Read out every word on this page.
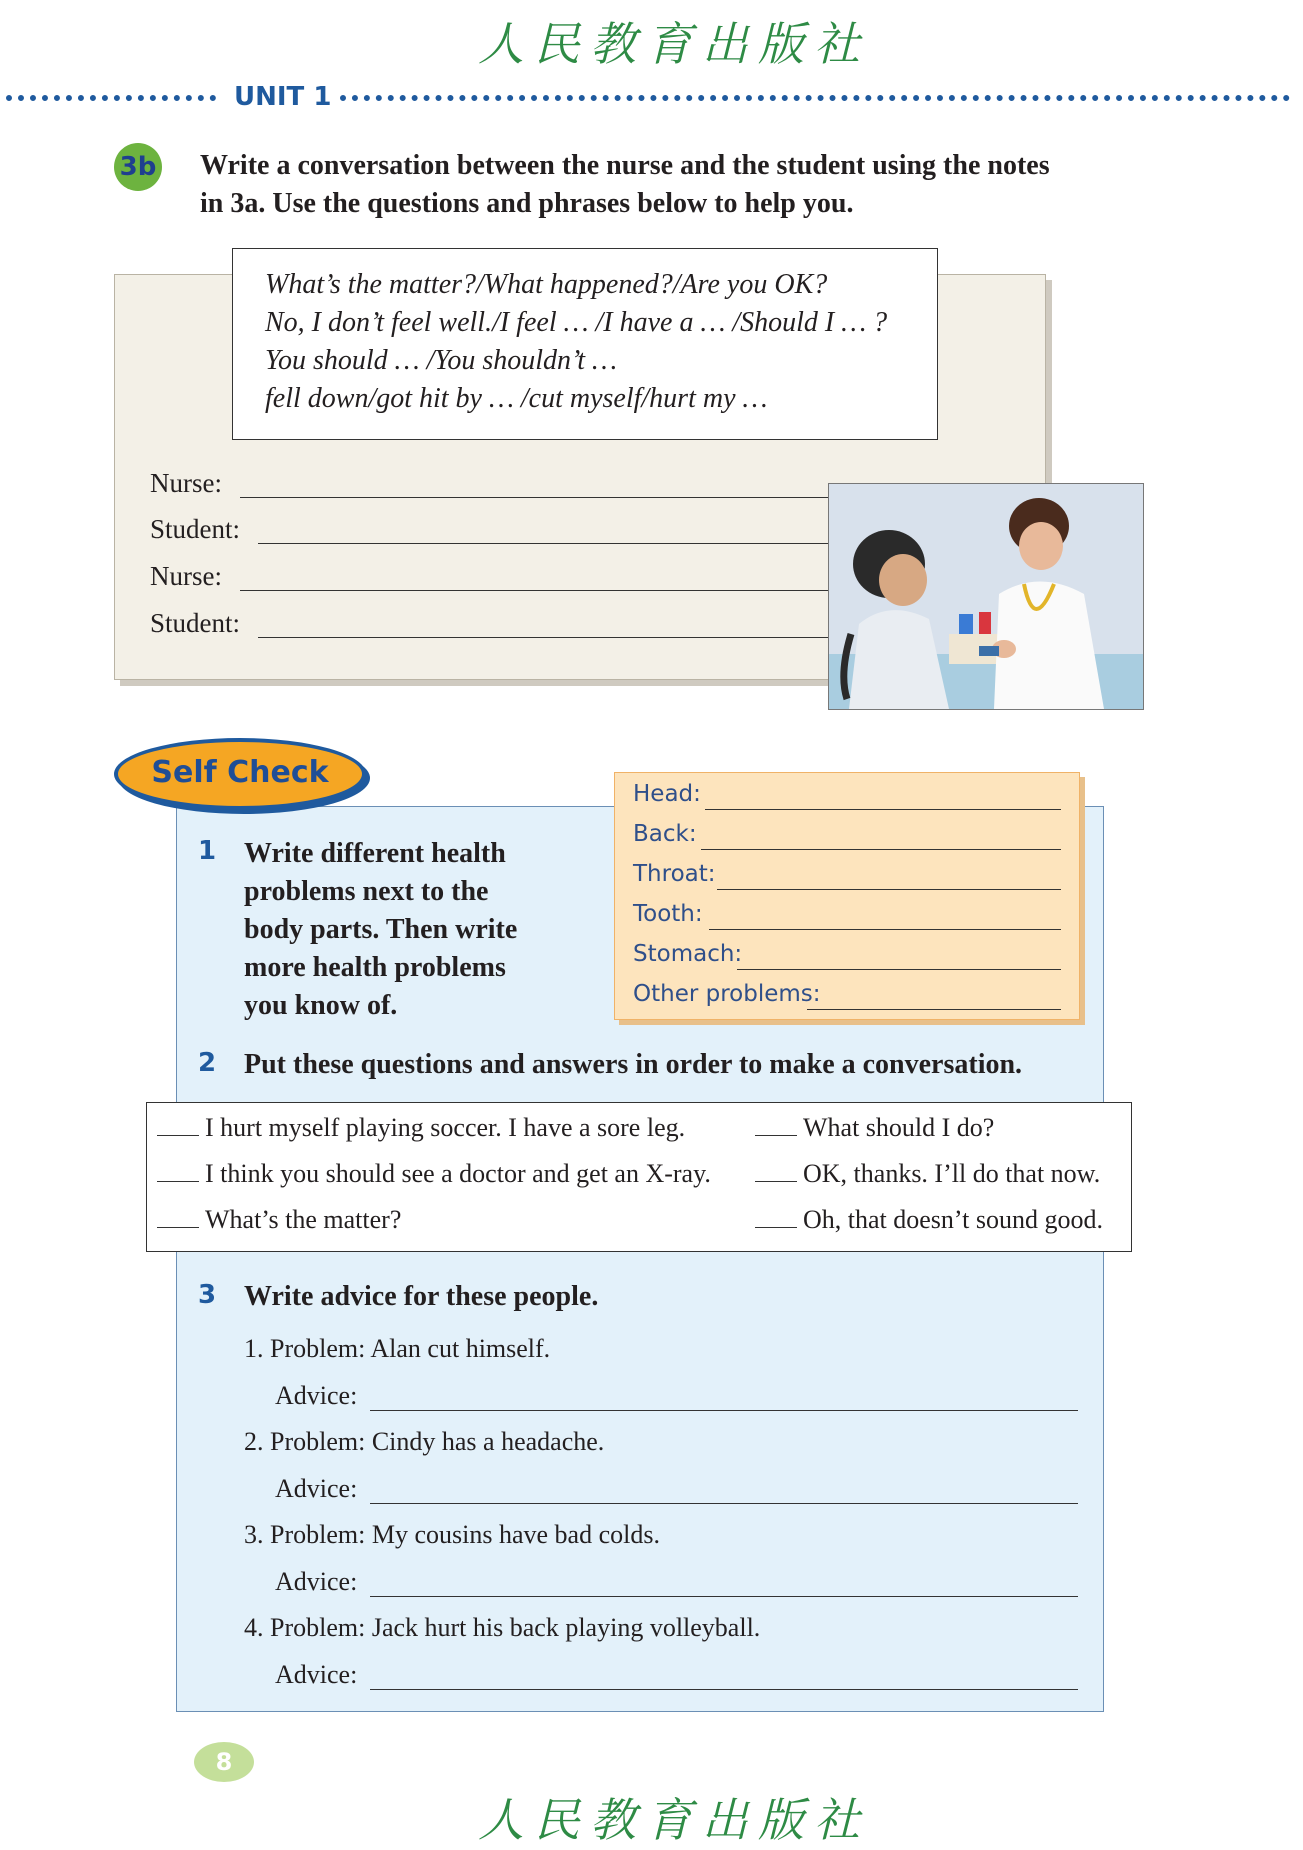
人民教育出版社
UNIT 1
3b Write a conversation between the nurse and the student using the notes
in 3a. Use the questions and phrases below to help you.
What’s the matter?/What happened?/Are you OK?
No, I don’t feel well./I feel … /I have a … /Should I … ?
You should … /You shouldn’t …
fell down/got hit by … /cut myself/hurt my …
Nurse:
Student:
Nurse:
Student:
Self Check
1 Write different health
problems next to the
body parts. Then write
more health problems
you know of.
Head:
Back:
Throat:
Tooth:
Stomach:
Other problems:
2 Put these questions and answers in order to make a conversation.
I hurt myself playing soccer. I have a sore leg.
I think you should see a doctor and get an X-ray.
What’s the matter?
What should I do?
OK, thanks. I’ll do that now.
Oh, that doesn’t sound good.
3 Write advice for these people.
1. Problem: Alan cut himself.
Advice:
2. Problem: Cindy has a headache.
Advice:
3. Problem: My cousins have bad colds.
Advice:
4. Problem: Jack hurt his back playing volleyball.
Advice:
8
人民教育出版社
